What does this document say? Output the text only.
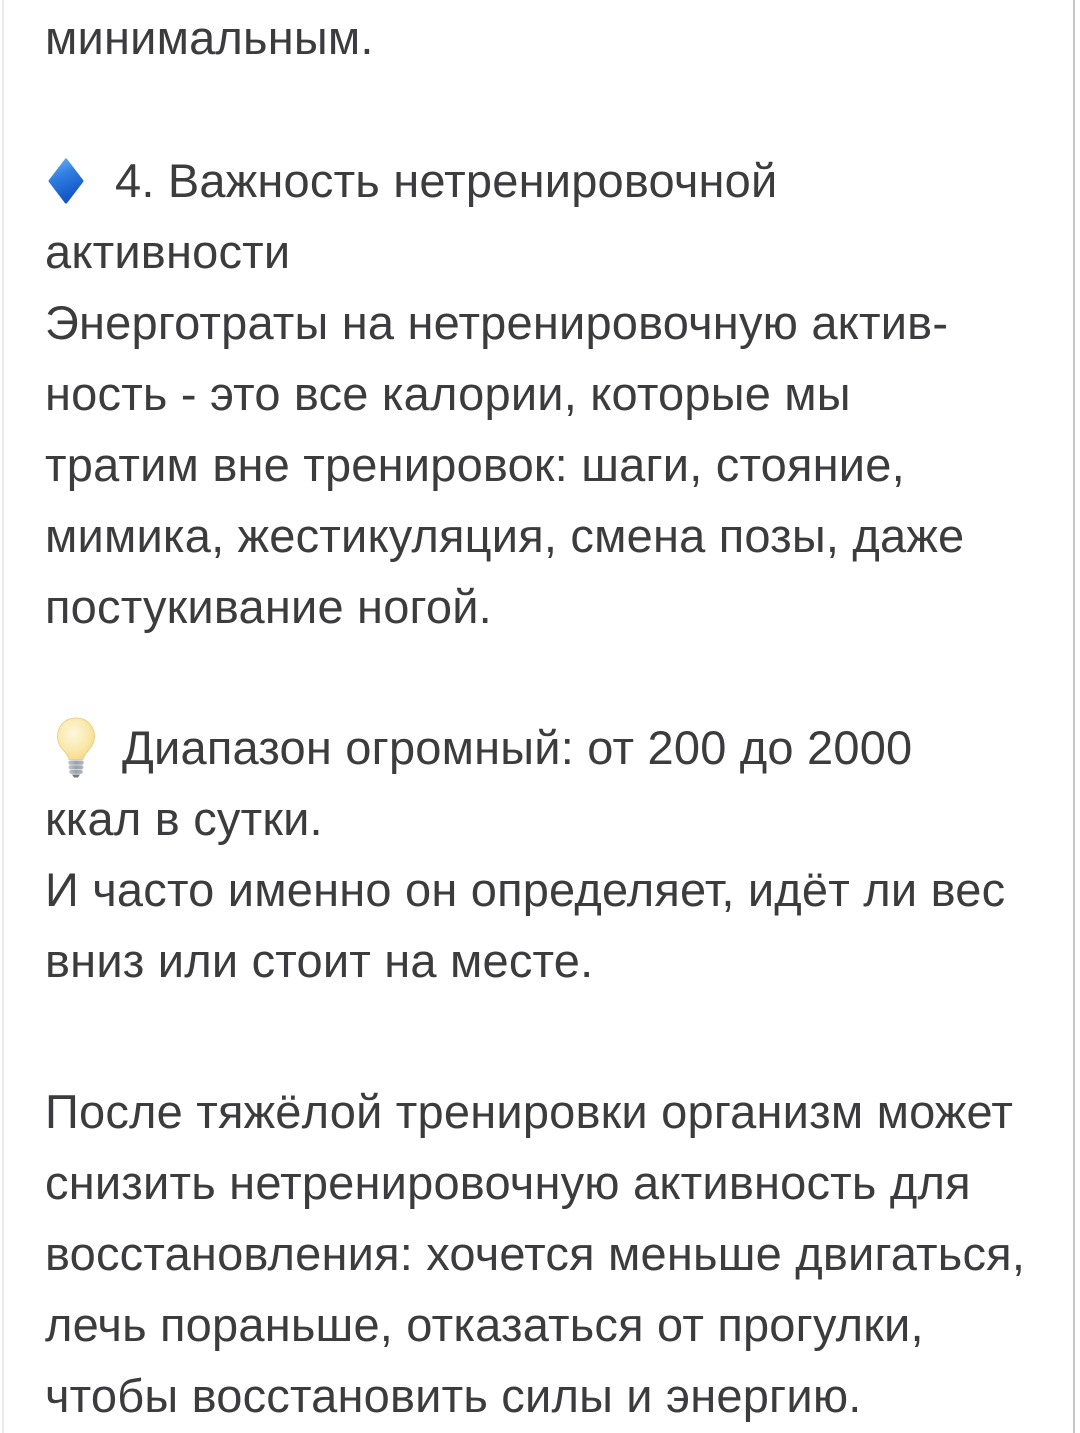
минимальным.
4. Важность нетренировочной
активности
Энерготраты на нетренировочную актив-
ность - это все калории, которые мы
тратим вне тренировок: шаги, стояние,
мимика, жестикуляция, смена позы, даже
постукивание ногой.
Диапазон огромный: от 200 до 2000
ккал в сутки.
И часто именно он определяет, идёт ли вес
вниз или стоит на месте.
После тяжёлой тренировки организм может
снизить нетренировочную активность для
восстановления: хочется меньше двигаться,
лечь пораньше, отказаться от прогулки,
чтобы восстановить силы и энергию.
